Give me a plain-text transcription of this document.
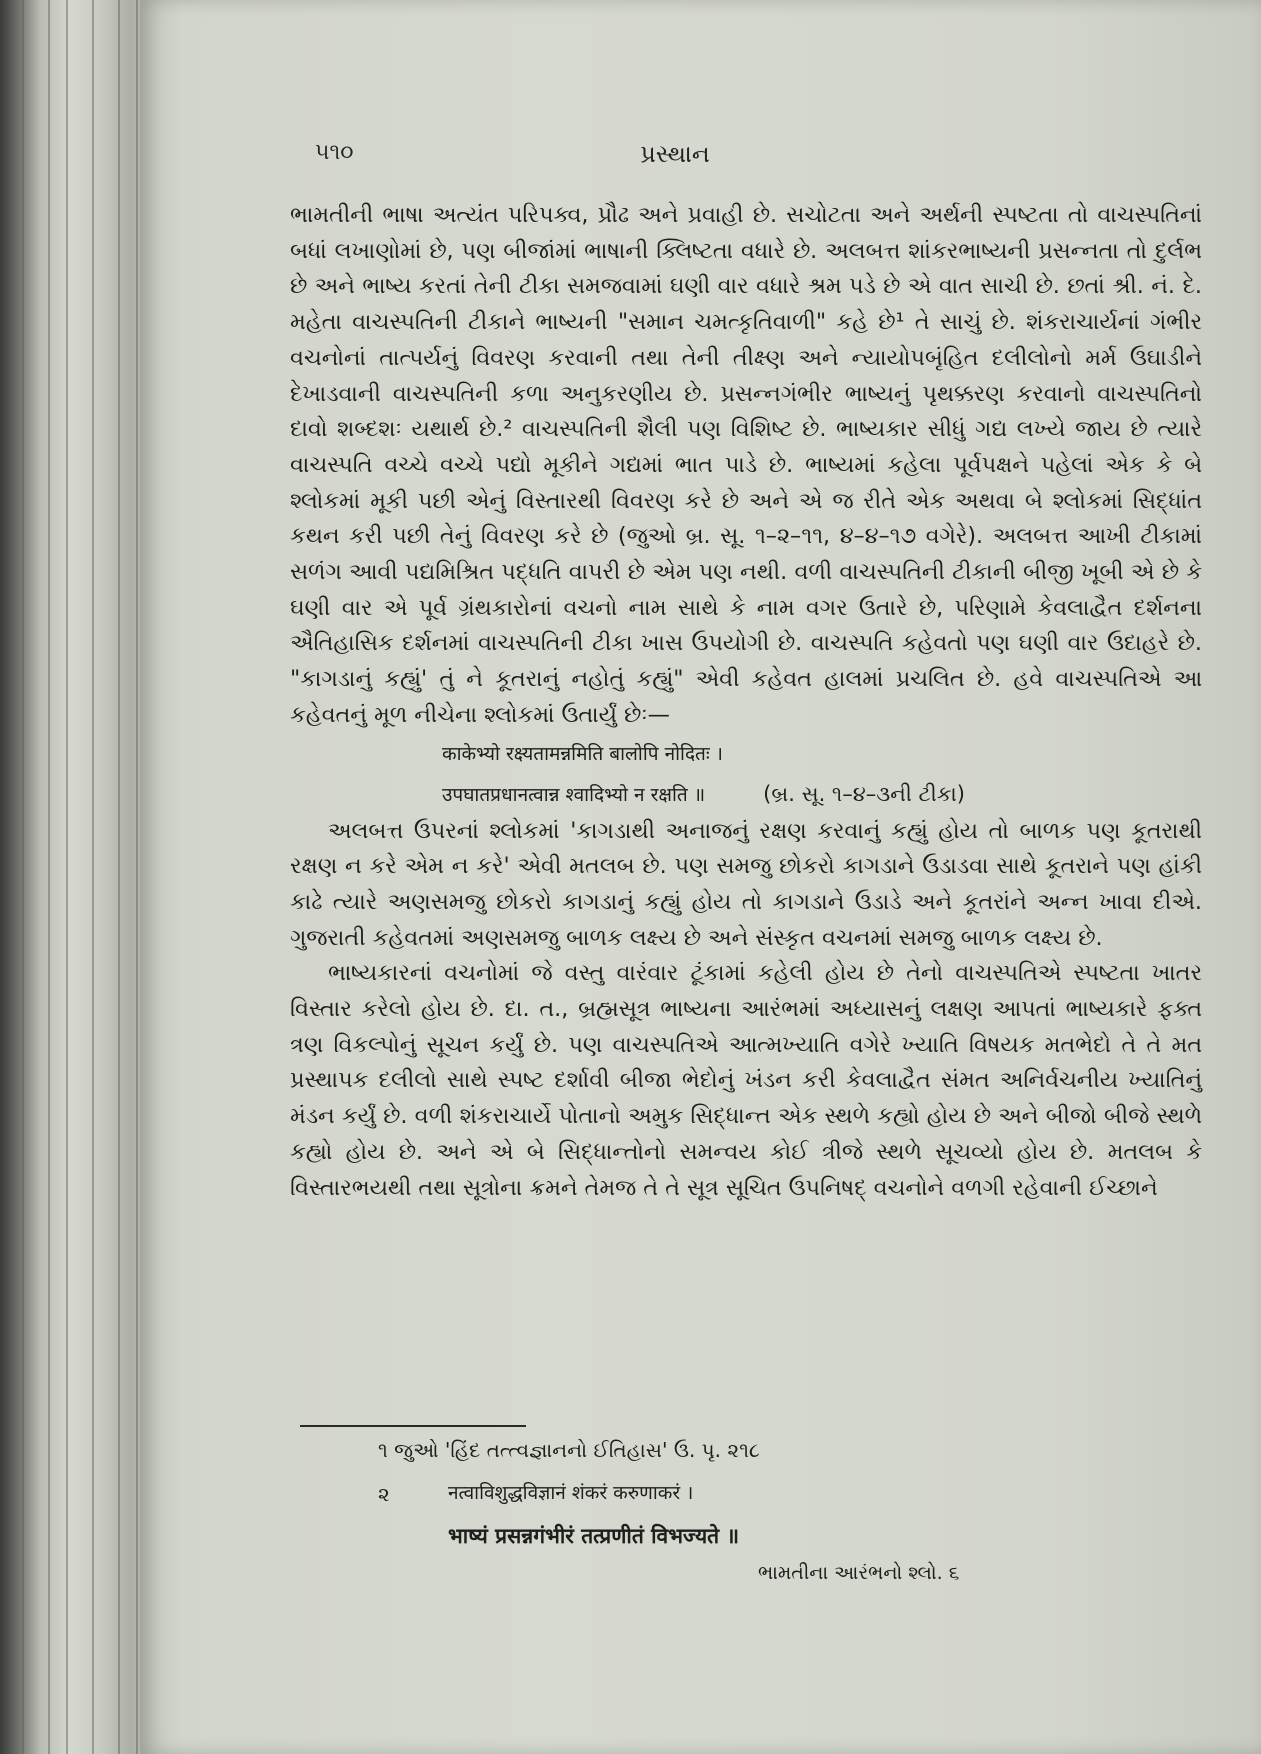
૫૧૦	પ્રસ્થાન

ભામતીની ભાષા અત્યંત પરિપક્વ, પ્રૌઢ અને પ્રવાહી છે. સચોટતા અને અર્થની સ્પષ્ટતા તો વાચસ્પતિનાં બધાં લખાણોમાં છે, પણ બીજાંમાં ભાષાની ક્લિષ્ટતા વધારે છે. અલબત્ત શાંકરભાષ્યની પ્રસન્નતા તો દુર્લભ છે અને ભાષ્ય કરતાં તેની ટીકા સમજવામાં ઘણી વાર વધારે શ્રમ પડે છે એ વાત સાચી છે. છતાં શ્રી. નં. દે. મહેતા વાચસ્પતિની ટીકાને ભાષ્યની "સમાન ચમત્કૃતિવાળી" કહે છે¹ તે સાચું છે. શંકરાચાર્યનાં ગંભીર વચનોનાં તાત્પર્યનું વિવરણ કરવાની તથા તેની તીક્ષ્ણ અને ન્યાયોપબૃંહિત દલીલોનો મર્મ ઉઘાડીને દેખાડવાની વાચસ્પતિની કળા અનુકરણીય છે. પ્રસન્નગંભીર ભાષ્યનું પૃથક્કરણ કરવાનો વાચસ્પતિનો દાવો શબ્દશઃ યથાર્થ છે.² વાચસ્પતિની શૈલી પણ વિશિષ્ટ છે. ભાષ્યકાર સીધું ગદ્ય લખ્યે જાય છે ત્યારે વાચસ્પતિ વચ્ચે વચ્ચે પદ્યો મૂકીને ગદ્યમાં ભાત પાડે છે. ભાષ્યમાં કહેલા પૂર્વપક્ષને પહેલાં એક કે બે શ્લોકમાં મૂકી પછી એનું વિસ્તારથી વિવરણ કરે છે અને એ જ રીતે એક અથવા બે શ્લોકમાં સિદ્ધાંત કથન કરી પછી તેનું વિવરણ કરે છે (જુઓ બ્ર. સૂ. ૧–૨–૧૧, ૪–૪–૧૭ વગેરે). અલબત્ત આખી ટીકામાં સળંગ આવી પદ્યમિશ્રિત પદ્ધતિ વાપરી છે એમ પણ નથી. વળી વાચસ્પતિની ટીકાની બીજી ખૂબી એ છે કે ઘણી વાર એ પૂર્વ ગ્રંથકારોનાં વચનો નામ સાથે કે નામ વગર ઉતારે છે, પરિણામે કેવલાદ્વૈત દર્શનના ઐતિહાસિક દર્શનમાં વાચસ્પતિની ટીકા ખાસ ઉપયોગી છે. વાચસ્પતિ કહેવતો પણ ઘણી વાર ઉદાહરે છે. "કાગડાનું કહ્યું' તું ને કૂતરાનું નહોતું કહ્યું" એવી કહેવત હાલમાં પ્રચલિત છે. હવે વાચસ્પતિએ આ કહેવતનું મૂળ નીચેના શ્લોકમાં ઉતાર્યું છેઃ—

काकेभ्यो रक्ष्यतामन्नमिति बालोपि नोदितः ।
उपघातप्रधानत्वान्न श्वादिभ्यो न रक्षति ॥	(બ્ર. સૂ. ૧–૪–૩ની ટીકા)

અલબત્ત ઉપરનાં શ્લોકમાં 'કાગડાથી અનાજનું રક્ષણ કરવાનું કહ્યું હોય તો બાળક પણ કૂતરાથી રક્ષણ ન કરે એમ ન કરે' એવી મતલબ છે. પણ સમજુ છોકરો કાગડાને ઉડાડવા સાથે કૂતરાને પણ હાંકી કાઢે ત્યારે અણસમજુ છોકરો કાગડાનું કહ્યું હોય તો કાગડાને ઉડાડે અને કૂતરાંને અન્ન ખાવા દીએ. ગુજરાતી કહેવતમાં અણસમજુ બાળક લક્ષ્ય છે અને સંસ્કૃત વચનમાં સમજુ બાળક લક્ષ્ય છે.

ભાષ્યકારનાં વચનોમાં જે વસ્તુ વારંવાર ટૂંકામાં કહેલી હોય છે તેનો વાચસ્પતિએ સ્પષ્ટતા ખાતર વિસ્તાર કરેલો હોય છે. દા. ત., બ્રહ્મસૂત્ર ભાષ્યના આરંભમાં અધ્યાસનું લક્ષણ આપતાં ભાષ્યકારે ફક્ત ત્રણ વિકલ્પોનું સૂચન કર્યું છે. પણ વાચસ્પતિએ આત્મખ્યાતિ વગેરે ખ્યાતિ વિષયક મતભેદો તે તે મત પ્રસ્થાપક દલીલો સાથે સ્પષ્ટ દર્શાવી બીજા ભેદોનું ખંડન કરી કેવલાદ્વૈત સંમત અનિર્વચનીય ખ્યાતિનું મંડન કર્યું છે. વળી શંકરાચાર્યે પોતાનો અમુક સિદ્ધાન્ત એક સ્થળે કહ્યો હોય છે અને બીજો બીજે સ્થળે કહ્યો હોય છે. અને એ બે સિદ્ધાન્તોનો સમન્વય કોઈ ત્રીજે સ્થળે સૂચવ્યો હોય છે. મતલબ કે વિસ્તારભયથી તથા સૂત્રોના ક્રમને તેમજ તે તે સૂત્ર સૂચિત ઉપનિષદ્ વચનોને વળગી રહેવાની ઈચ્છાને

૧ જુઓ 'હિંદ તત્ત્વજ્ઞાનનો ઈતિહાસ' ઉ. પૃ. ૨૧૮
૨	नत्वाविशुद्धविज्ञानं शंकरं करुणाकरं ।
भाष्यं प्रसन्नगंभीरं तत्प्रणीतं विभज्यते ॥
ભામતીના આરંભનો શ્લો. ૬
